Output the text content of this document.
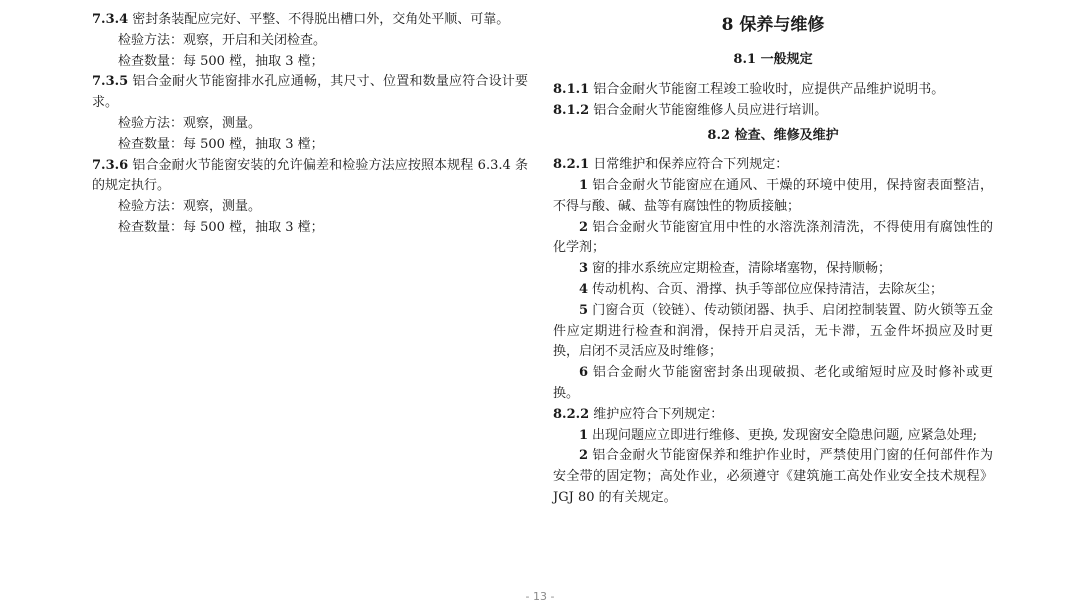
7.3.4 密封条装配应完好、平整、不得脱出槽口外，交角处平顺、可靠。

检验方法：观察，开启和关闭检查。

检查数量：每 500 樘，抽取 3 樘；

7.3.5 铝合金耐火节能窗排水孔应通畅，其尺寸、位置和数量应符合设计要求。

检验方法：观察，测量。

检查数量：每 500 樘，抽取 3 樘；

7.3.6 铝合金耐火节能窗安装的允许偏差和检验方法应按照本规程 6.3.4 条的规定执行。

检验方法：观察，测量。

检查数量：每 500 樘，抽取 3 樘；

8 保养与维修
8.1 一般规定

8.1.1 铝合金耐火节能窗工程竣工验收时，应提供产品维护说明书。

8.1.2 铝合金耐火节能窗维修人员应进行培训。

8.2 检查、维修及维护

8.2.1 日常维护和保养应符合下列规定：

1 铝合金耐火节能窗应在通风、干燥的环境中使用，保持窗表面整洁，不得与酸、碱、盐等有腐蚀性的物质接触；

2 铝合金耐火节能窗宜用中性的水溶洗涤剂清洗，不得使用有腐蚀性的化学剂；

3 窗的排水系统应定期检查，清除堵塞物，保持顺畅；

4 传动机构、合页、滑撑、执手等部位应保持清洁，去除灰尘；

5 门窗合页（铰链）、传动锁闭器、执手、启闭控制装置、防火锁等五金件应定期进行检查和润滑，保持开启灵活，无卡滞，五金件坏损应及时更换，启闭不灵活应及时维修；

6 铝合金耐火节能窗密封条出现破损、老化或缩短时应及时修补或更换。

8.2.2 维护应符合下列规定：

1 出现问题应立即进行维修、更换, 发现窗安全隐患问题, 应紧急处理;

2 铝合金耐火节能窗保养和维护作业时，严禁使用门窗的任何部件作为安全带的固定物；高处作业，必须遵守《建筑施工高处作业安全技术规程》JGJ 80 的有关规定。

- 13 -
